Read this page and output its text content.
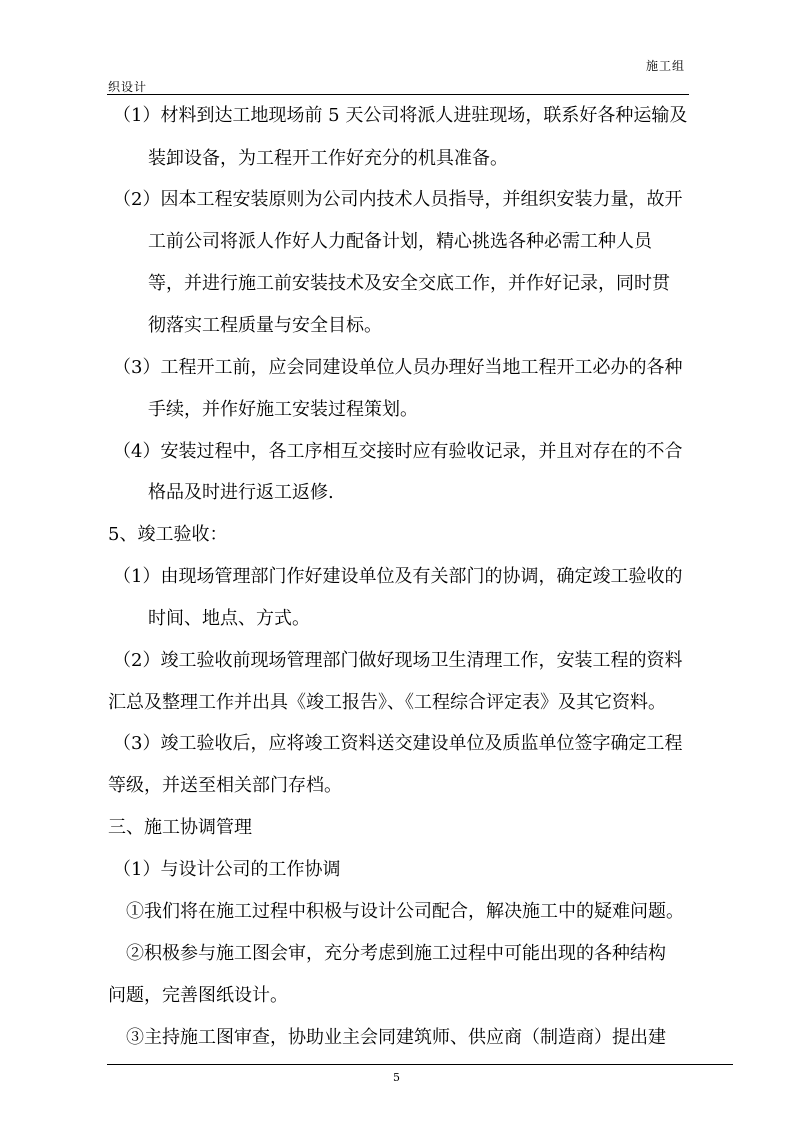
施工组
织设计
（1）材料到达工地现场前 5 天公司将派人进驻现场，联系好各种运输及
装卸设备，为工程开工作好充分的机具准备。
（2）因本工程安装原则为公司内技术人员指导，并组织安装力量，故开
工前公司将派人作好人力配备计划，精心挑选各种必需工种人员
等，并进行施工前安装技术及安全交底工作，并作好记录，同时贯
彻落实工程质量与安全目标。
（3）工程开工前，应会同建设单位人员办理好当地工程开工必办的各种
手续，并作好施工安装过程策划。
（4）安装过程中，各工序相互交接时应有验收记录，并且对存在的不合
格品及时进行返工返修.
5、竣工验收：
（1）由现场管理部门作好建设单位及有关部门的协调，确定竣工验收的
时间、地点、方式。
（2）竣工验收前现场管理部门做好现场卫生清理工作，安装工程的资料
汇总及整理工作并出具《竣工报告》、《工程综合评定表》及其它资料。
（3）竣工验收后，应将竣工资料送交建设单位及质监单位签字确定工程
等级，并送至相关部门存档。
三、施工协调管理
（1）与设计公司的工作协调
①我们将在施工过程中积极与设计公司配合，解决施工中的疑难问题。
②积极参与施工图会审，充分考虑到施工过程中可能出现的各种结构
问题，完善图纸设计。
③主持施工图审查，协助业主会同建筑师、供应商（制造商）提出建
5
